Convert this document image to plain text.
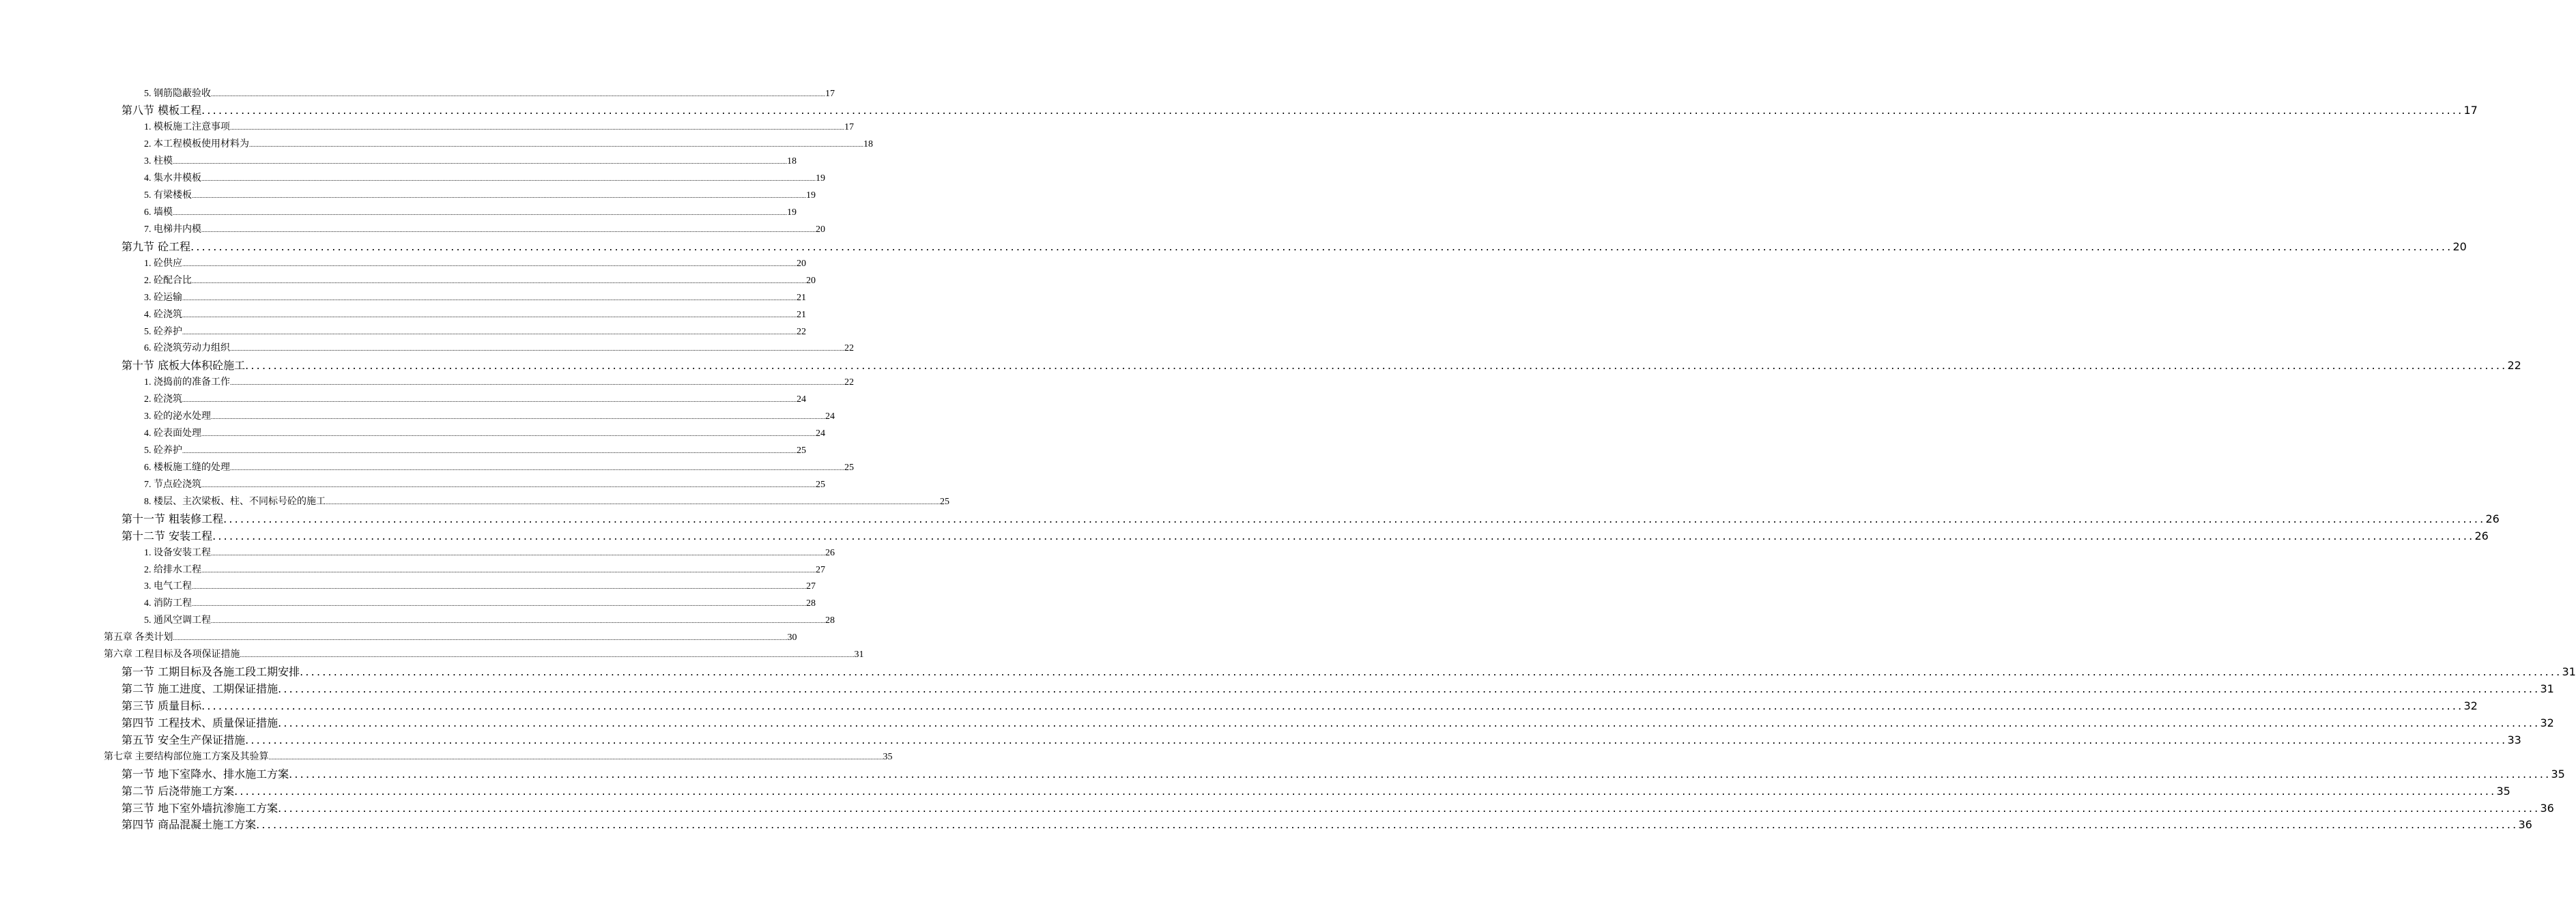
5. 钢筋隐蔽验收 ................................................................................................................................................................................................................................................................................................................................................................................................................ 17
第八节 模板工程 ................................................................................................................................................................................................................................................................................................................................................................................................................ 17
1. 模板施工注意事项 ................................................................................................................................................................................................................................................................................................................................................................................................................ 17
2. 本工程模板使用材料为 ................................................................................................................................................................................................................................................................................................................................................................................................................ 18
3. 柱模 ................................................................................................................................................................................................................................................................................................................................................................................................................ 18
4. 集水井模板 ................................................................................................................................................................................................................................................................................................................................................................................................................ 19
5. 有梁楼板 ................................................................................................................................................................................................................................................................................................................................................................................................................ 19
6. 墙模 ................................................................................................................................................................................................................................................................................................................................................................................................................ 19
7. 电梯井内模 ................................................................................................................................................................................................................................................................................................................................................................................................................ 20
第九节 砼工程 ................................................................................................................................................................................................................................................................................................................................................................................................................ 20
1. 砼供应 ................................................................................................................................................................................................................................................................................................................................................................................................................ 20
2. 砼配合比 ................................................................................................................................................................................................................................................................................................................................................................................................................ 20
3. 砼运输 ................................................................................................................................................................................................................................................................................................................................................................................................................ 21
4. 砼浇筑 ................................................................................................................................................................................................................................................................................................................................................................................................................ 21
5. 砼养护 ................................................................................................................................................................................................................................................................................................................................................................................................................ 22
6. 砼浇筑劳动力组织 ................................................................................................................................................................................................................................................................................................................................................................................................................ 22
第十节 底板大体积砼施工 ................................................................................................................................................................................................................................................................................................................................................................................................................ 22
1. 浇捣前的准备工作 ................................................................................................................................................................................................................................................................................................................................................................................................................ 22
2. 砼浇筑 ................................................................................................................................................................................................................................................................................................................................................................................................................ 24
3. 砼的泌水处理 ................................................................................................................................................................................................................................................................................................................................................................................................................ 24
4. 砼表面处理 ................................................................................................................................................................................................................................................................................................................................................................................................................ 24
5. 砼养护 ................................................................................................................................................................................................................................................................................................................................................................................................................ 25
6. 楼板施工缝的处理 ................................................................................................................................................................................................................................................................................................................................................................................................................ 25
7. 节点砼浇筑 ................................................................................................................................................................................................................................................................................................................................................................................................................ 25
8. 楼层、主次梁板、柱、不同标号砼的施工 ................................................................................................................................................................................................................................................................................................................................................................................................................ 25
第十一节 粗装修工程 ................................................................................................................................................................................................................................................................................................................................................................................................................ 26
第十二节 安装工程 ................................................................................................................................................................................................................................................................................................................................................................................................................ 26
1. 设备安装工程 ................................................................................................................................................................................................................................................................................................................................................................................................................ 26
2. 给排水工程 ................................................................................................................................................................................................................................................................................................................................................................................................................ 27
3. 电气工程 ................................................................................................................................................................................................................................................................................................................................................................................................................ 27
4. 消防工程 ................................................................................................................................................................................................................................................................................................................................................................................................................ 28
5. 通风空调工程 ................................................................................................................................................................................................................................................................................................................................................................................................................ 28
第五章 各类计划 ................................................................................................................................................................................................................................................................................................................................................................................................................ 30
第六章 工程目标及各项保证措施 ................................................................................................................................................................................................................................................................................................................................................................................................................ 31
第一节 工期目标及各施工段工期安排 ................................................................................................................................................................................................................................................................................................................................................................................................................ 31
第二节 施工进度、工期保证措施 ................................................................................................................................................................................................................................................................................................................................................................................................................ 31
第三节 质量目标 ................................................................................................................................................................................................................................................................................................................................................................................................................ 32
第四节 工程技术、质量保证措施 ................................................................................................................................................................................................................................................................................................................................................................................................................ 32
第五节 安全生产保证措施 ................................................................................................................................................................................................................................................................................................................................................................................................................ 33
第七章 主要结构部位施工方案及其验算 ................................................................................................................................................................................................................................................................................................................................................................................................................ 35
第一节 地下室降水、排水施工方案 ................................................................................................................................................................................................................................................................................................................................................................................................................ 35
第二节 后浇带施工方案 ................................................................................................................................................................................................................................................................................................................................................................................................................ 35
第三节 地下室外墙抗渗施工方案 ................................................................................................................................................................................................................................................................................................................................................................................................................ 36
第四节 商品混凝土施工方案 ................................................................................................................................................................................................................................................................................................................................................................................................................ 36
